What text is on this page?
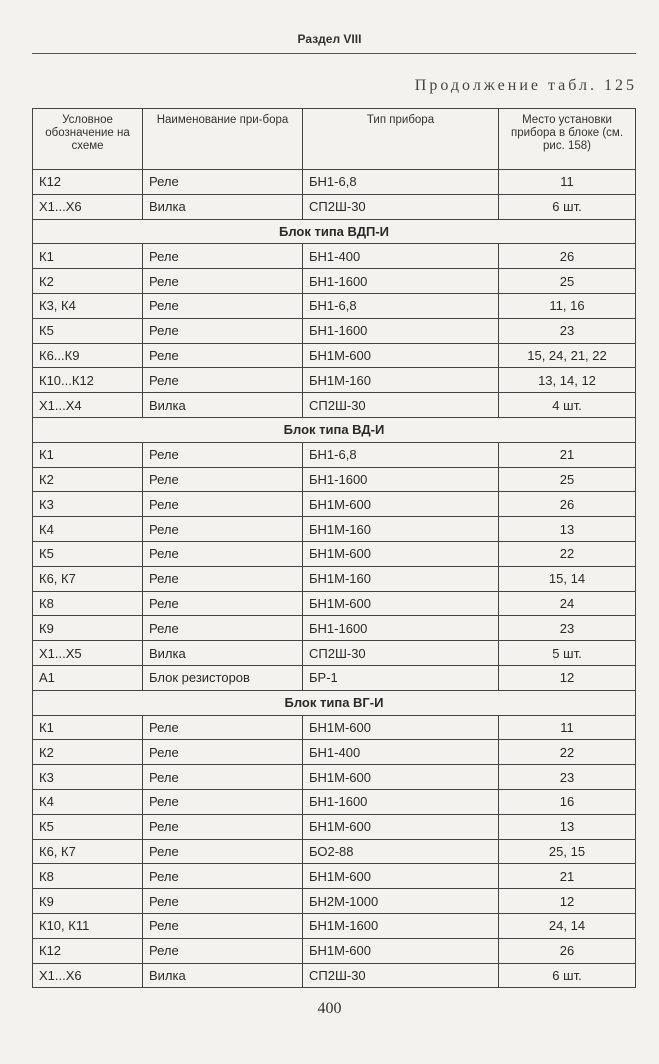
Раздел VIII
Продолжение табл. 125
Условное обозначение на схеме	Наименование при-бора	Тип прибора	Место установки прибора в блоке (см. рис. 158)
К12	Реле	БН1-6,8	11
Х1...Х6	Вилка	СП2Ш-30	6 шт.
Блок типа ВДП-И			
К1	Реле	БН1-400	26
К2	Реле	БН1-1600	25
К3, К4	Реле	БН1-6,8	11, 16
К5	Реле	БН1-1600	23
К6...К9	Реле	БН1М-600	15, 24, 21, 22
К10...К12	Реле	БН1М-160	13, 14, 12
Х1...Х4	Вилка	СП2Ш-30	4 шт.
Блок типа ВД-И			
К1	Реле	БН1-6,8	21
К2	Реле	БН1-1600	25
К3	Реле	БН1М-600	26
К4	Реле	БН1М-160	13
К5	Реле	БН1М-600	22
К6, К7	Реле	БН1М-160	15, 14
К8	Реле	БН1М-600	24
К9	Реле	БН1-1600	23
Х1...Х5	Вилка	СП2Ш-30	5 шт.
А1	Блок резисторов	БР-1	12
Блок типа ВГ-И			
К1	Реле	БН1М-600	11
К2	Реле	БН1-400	22
К3	Реле	БН1М-600	23
К4	Реле	БН1-1600	16
К5	Реле	БН1М-600	13
К6, К7	Реле	БО2-88	25, 15
К8	Реле	БН1М-600	21
К9	Реле	БН2М-1000	12
К10, К11	Реле	БН1М-1600	24, 14
К12	Реле	БН1М-600	26
Х1...Х6	Вилка	СП2Ш-30	6 шт.
400
